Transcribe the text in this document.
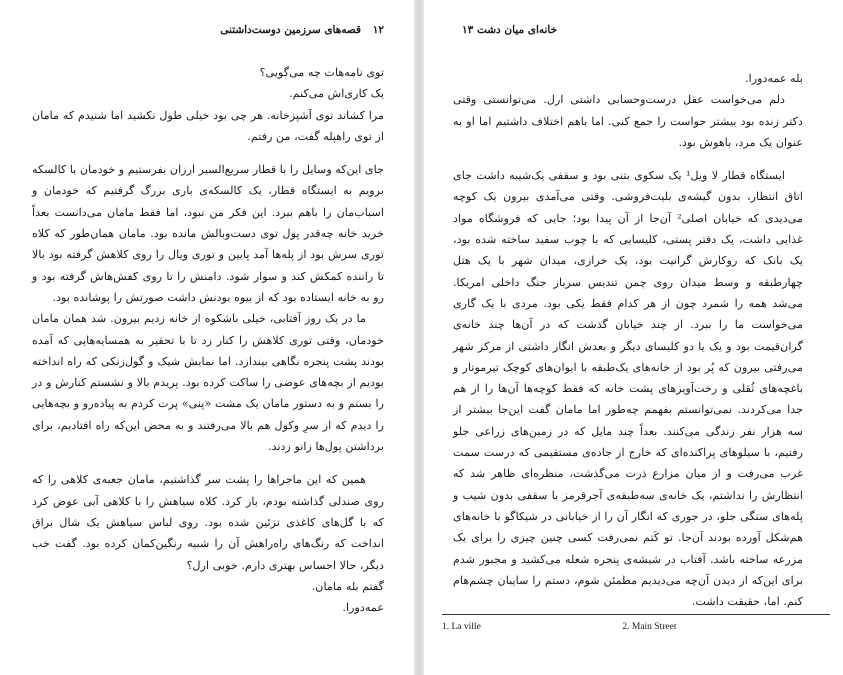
۱۲ قصه‌های سرزمین دوست‌داشتنی

توی نامه‌هات چه می‌گویی؟

یک کاری‌اش می‌کنم.

مرا کشاند توی آشپزخانه. هر چی بود خیلی طول نکشید اما شنیدم که مامان از توی راهپله گفت، من رفتم.

جای این‌که وسایل را با قطار سریع‌السیر ارزان بفرستیم و خودمان با کالسکه برویم به ایستگاه قطار، یک کالسکه‌ی باری بزرگ گرفتیم که خودمان و اسباب‌مان را باهم ببرد. این فکر من نبود، اما فقط مامان می‌دانست بعداً خرید خانه چه‌قدر پول توی دست‌وبالش مانده بود. مامان همان‌طور که کلاه توری سرش بود از پله‌ها آمد پایین و توری ویال را روی کلاهش گرفته بود بالا تا راننده کمکش کند و سوار شود. دامنش را تا روی کفش‌هاش گرفته بود و رو به خانه ایستاده بود که از بیوه بودنش داشت صورتش را پوشانده بود.

ما در یک روز آفتابی، خیلی باشکوه از خانه زدیم بیرون. شد همان مامان خودمان، وقتی توری کلاهش را کنار زد تا با تحقیر به همسایه‌هایی که آمده بودند پشت پنجره نگاهی بیندازد. اما نمایش شیک و گول‌زنکی که راه انداخته بودیم از بچه‌های عوضی را ساکت کرده بود. پریدم بالا و نشستم کنارش و در را بستم و به دستور مامان یک مشت «پنی» پرت کردم به پیاده‌رو و بچه‌هایی را دیدم که از سرِ وکول هم بالا می‌رفتند و به محض این‌که راه افتادیم، برای برداشتن پول‌ها زانو زدند.

همین که این ماجراها را پشت سر گذاشتیم، مامان جعبه‌ی کلاهی را که روی صندلی گذاشته بودم، باز کرد. کلاه سیاهش را با کلاهی آبی عوض کرد که با گل‌های کاغذی تزئین شده بود. روی لباس سیاهش یک شال براق انداخت که رنگ‌های راه‌راهش آن را شبیه رنگین‌کمان کرده بود. گفت خب دیگر، حالا احساس بهتری دارم. خوبی ارل؟

گفتم بله مامان.

عمه‌دورا.

خانه‌ای میان دشت ۱۳

بله عمه‌دورا.

دلم می‌خواست عقل درست‌وحسابی داشتی ارل. می‌توانستی وقتی دکتر زنده بود بیشتر حواست را جمع کنی. اما باهم اختلاف داشتیم اما او به عنوان یک مرد، باهوش بود.

ایستگاه قطار لا ویل¹ یک سکوی بتنی بود و سقفی یک‌شیبه داشت جای اتاق انتظار، بدون گیشه‌ی بلیت‌فروشی. وقتی می‌آمدی بیرون یک کوچه می‌دیدی که خیابان اصلی² آن‌جا از آن پیدا بود؛ جایی که فروشگاه مواد غذایی داشت، یک دفتر پستی، کلیسایی که با چوب سفید ساخته شده بود، یک بانک که روکارش گرانیت بود، یک خرازی، میدان شهر با یک هتل چهارطبقه و وسط میدان روی چمن تندیس سرباز جنگ داخلی امریکا. می‌شد همه را شمرد چون از هر کدام فقط یکی بود. مردی با یک گاری می‌خواست ما را ببرد. از چند خیابان گذشت که در آن‌ها چند خانه‌ی گران‌قیمت بود و یک یا دو کلیسای دیگر و بعدش انگار داشتی از مرکز شهر می‌رفتی بیرون که پُر بود از خانه‌های یک‌طبقه با ایوان‌های کوچک تیرموتار و باغچه‌های ثُقلی و رخت‌آویزهای پشت خانه که فقط کوچه‌ها آن‌ها را از هم جدا می‌کردند. نمی‌توانستم بفهمم چه‌طور اما مامان گفت این‌جا بیشتر از سه هزار نفر زندگی می‌کنند. بعداً چند مایل که در زمین‌های زراعی جلو رفتیم، با سیلوهای پراکنده‌ای که خارج از جاده‌ی مستقیمی که درست سمت غرب می‌رفت و از میان مزارع ذرت می‌گذشت، منظره‌ای ظاهر شد که انتظارش را نداشتم، یک خانه‌ی سه‌طبقه‌ی آجرقرمز با سقفی بدون شیب و پله‌های سنگی جلو، در جوری که انگار آن را از خیابانی در شیکاگو با خانه‌های هم‌شکل آورده بودند آن‌جا. تو کَتم نمی‌رفت کسی چنین چیزی را برای یک مزرعه ساخته باشد. آفتاب در شیشه‌ی پنجره شعله می‌کشید و مجبور شدم برای این‌که از دیدن آن‌چه می‌دیدیم مطمئن شوم، دستم را سایبان چشم‌هام کنم. اما، حقیقت داشت.

1. La ville	2. Main Street
